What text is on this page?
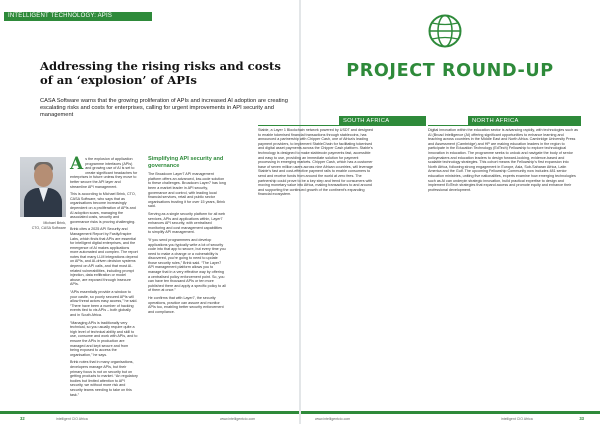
INTELLIGENT TECHNOLOGY: APIS
Addressing the rising risks and costs of an ‘explosion’ of APIs

CASA Software warns that the growing proliferation of APIs and increased AI adoption are creating escalating risks and costs for enterprises, calling for urgent improvements in API security and management

Michael Brink,
CTO, CASA Software

As the explosion of application programme interfaces (APIs) and growing use of AI is set to create significant headaches for enterprises in future unless they move to better secure the API layer and streamline API management.

This is according to Michael Brink, CTO, CASA Software, who says that as organisations become increasingly dependent on a proliferation of APIs and AI adoption soars, managing the associated costs, security and governance risks is proving challenging.

Brink cites a 2025 API Security and Management Report by Fastly/Inspire Labs, which finds that APIs are essential for intelligent digital enterprises, and the emergence of AI makes applications more automated and complex. The report notes that many LLM integrations depend on APIs, and AI-driven decision systems depend on API calls, and that most AI-related vulnerabilities, including prompt injection, data exfiltration or model abuse, are exposed through insecure APIs.

“APIs essentially provide a window to your castle, so poorly secured APIs will allow threat actors easy access,” he said. “There have been a number of hacking events tied to vis APIs – both globally and in South Africa.

“Managing APIs is traditionally very technical, so you usually require quite a high level of technical ability and skill to use, consume and work with APIs, and to ensure the APIs in production are managed and kept secure and from being exposed to access the organisation,” he says.

Brink notes that in many organisations, developers manage APIs, but their primary focus is not on security but on getting products to market. “An regulatory bodies but limited attention to API security, we without more risk and security teams needing to take on this task.”

Simplifying API security and governance

The Broadcom Layer7 API management platform offers an advanced, low-code solution to these challenges. Broadcom Layer7 has long been a market leader in API security, governance and control, with leading local financial services, retail and public sector organisations trusting it for over 15 years, Brink said.

Serving as a single security platform for all web services, APIs and applications within, Layer7 enhances API security, with centralised monitoring and cost management capabilities to simplify API management.

“If you send programmers and develop applications you typically write a lot of security code into that app to secure, but every time you need to make a change or a vulnerability is discovered, you’re going to need to update those security rules,” Brink said. “The Layer7 API management platform allows you to manage that in a very effective way by offering a centralised policy enforcement point. So, you can have ten thousand APIs or ten more published there and apply a specific policy to all of them at once.”

He confirms that with Layer7, the security operations, practice can assure and monitor APIs too, enabling better security enforcement and compliance.

32	intelligent CIO Africa	www.intelligentcio.com
PROJECT ROUND-UP
SOUTH AFRICA	NORTH AFRICA

Stable, a Layer 1 Blockchain network powered by USDT and designed to enable tokenised financial transactions through stablecoins, has announced a partnership with Chipper Cash, one of Africa’s leading payment providers, to implement StableChain for facilitating tokenised and digital asset payments across the Chipper Cash platform. Stable’s technology is designed to make stablecoin payments fast, accessible and easy to use, providing an immediate solution for payment processing in emerging markets. Chipper Cash, which has a customer base of seven million users across nine African countries, will leverage Stable’s fast and cost-effective payment rails to enable consumers to send and receive funds from around the world at zero fees. The partnership could prove to be a key step and trend for consumers with moving monetary value into Africa, making transactions to and around and supporting the continued growth of the continent’s expanding financial ecosystem.

Digital innovation within the education sector is advancing rapidly, with technologies such as AI (Broad Intelligence (AI) offering significant opportunities to enhance learning and teaching across countries in the Middle East and North Africa. Cambridge University Press and Assessment (Cambridge) and HP are making education leaders in the region to participate in the Education Technology (EdTech) Fellowship to explore technological innovation in education. The programme seeks to unlock and navigate the body of senior policymakers and education leaders to design forward-looking, evidence-based and scalable technology strategies. This cohort means the Fellowship’s first expansion into North Africa, following strong engagement in Europe, Asia, Sub-Saharan Africa, Latin America and the Gulf. The upcoming Fellowship Community now includes 481 senior education ministries, uniting five nationalities, experts examine how emerging technologies such as AI can underpin strategic innovation, build practical expertise to design and implement EdTech strategies that expand access and promote equity and enhance their professional development.

www.intelligentcio.com	intelligent CIO Africa	33
